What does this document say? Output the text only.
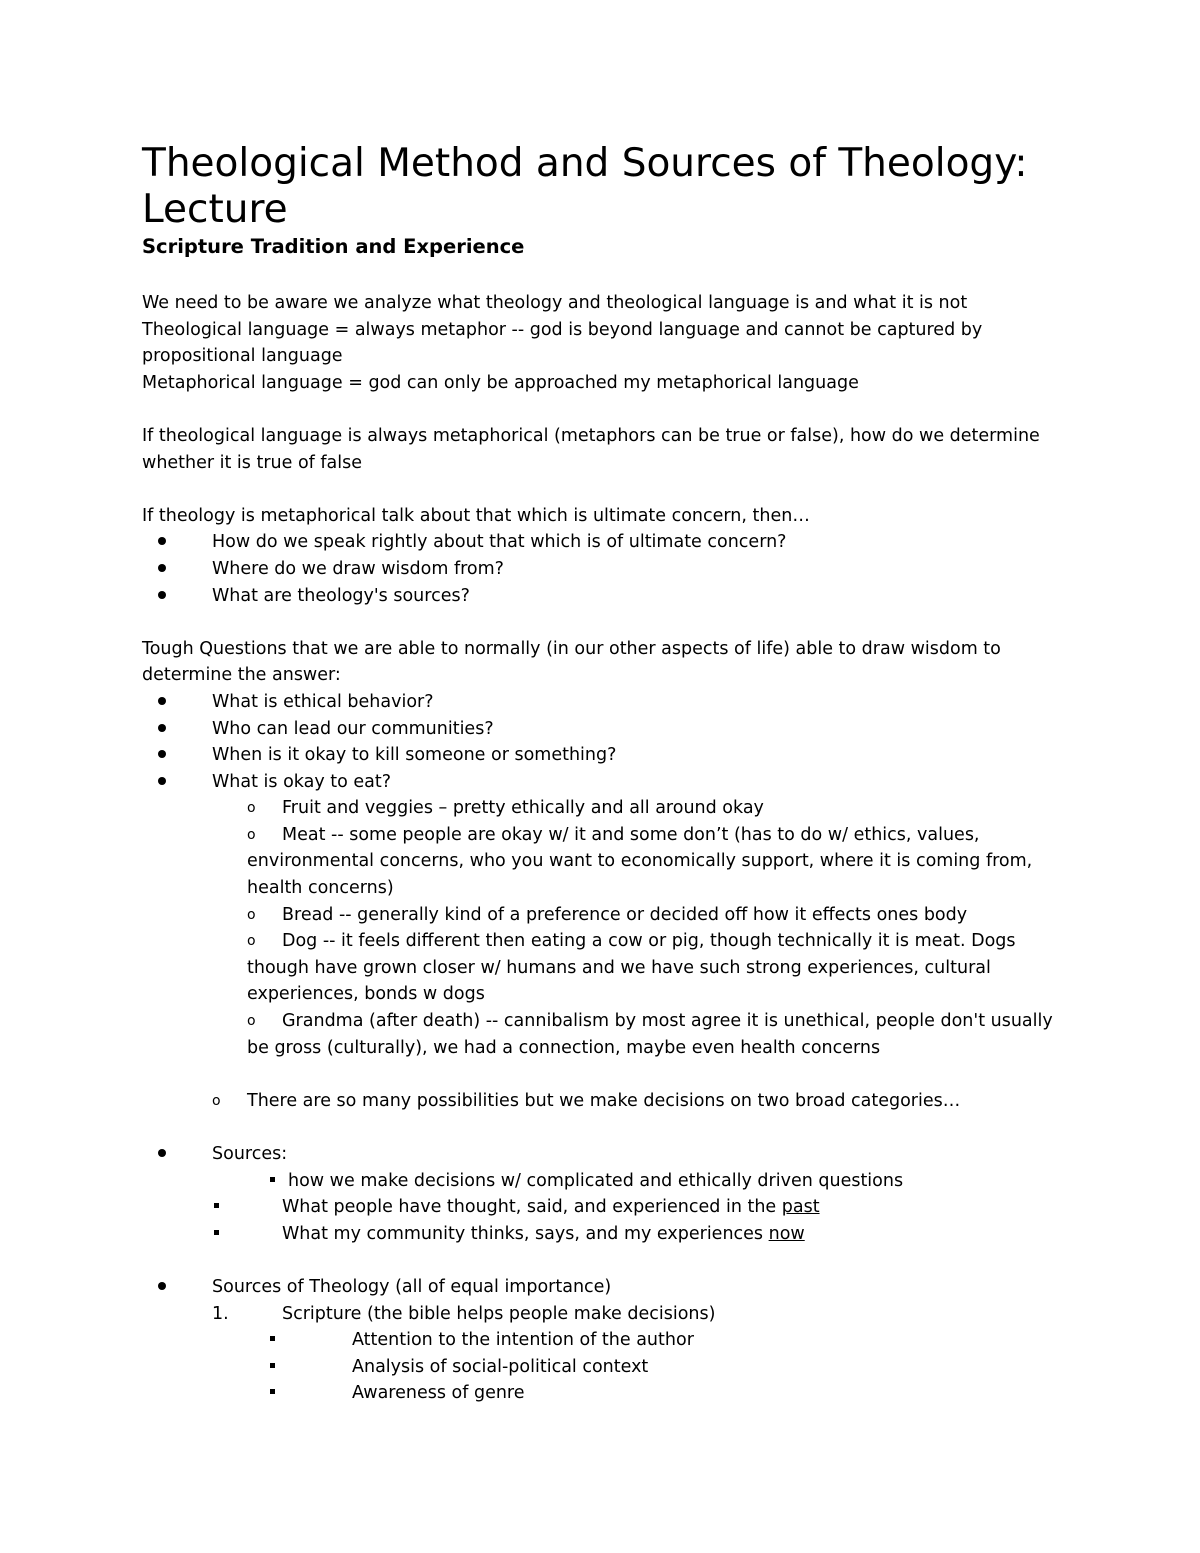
Theological Method and Sources of Theology: Lecture
Scripture Tradition and Experience

We need to be aware we analyze what theology and theological language is and what it is not

Theological language = always metaphor -- god is beyond language and cannot be captured by propositional language

Metaphorical language = god can only be approached my metaphorical language

If theological language is always metaphorical (metaphors can be true or false), how do we determine whether it is true of false

If theology is metaphorical talk about that which is ultimate concern, then…

How do we speak rightly about that which is of ultimate concern?
Where do we draw wisdom from?
What are theology's sources?

Tough Questions that we are able to normally (in our other aspects of life) able to draw wisdom to determine the answer:

What is ethical behavior?
Who can lead our communities?
When is it okay to kill someone or something?
What is okay to eat?
o Fruit and veggies – pretty ethically and all around okay
o Meat -- some people are okay w/ it and some don’t (has to do w/ ethics, values, environmental concerns, who you want to economically support, where it is coming from, health concerns)
o Bread -- generally kind of a preference or decided off how it effects ones body
o Dog -- it feels different then eating a cow or pig, though technically it is meat. Dogs though have grown closer w/ humans and we have such strong experiences, cultural experiences, bonds w dogs
o Grandma (after death) -- cannibalism by most agree it is unethical, people don't usually be gross (culturally), we had a connection, maybe even health concerns
o There are so many possibilities but we make decisions on two broad categories…
Sources:
how we make decisions w/ complicated and ethically driven questions
What people have thought, said, and experienced in the past
What my community thinks, says, and my experiences now
Sources of Theology (all of equal importance)
1.	Scripture (the bible helps people make decisions)
Attention to the intention of the author
Analysis of social-political context
Awareness of genre
